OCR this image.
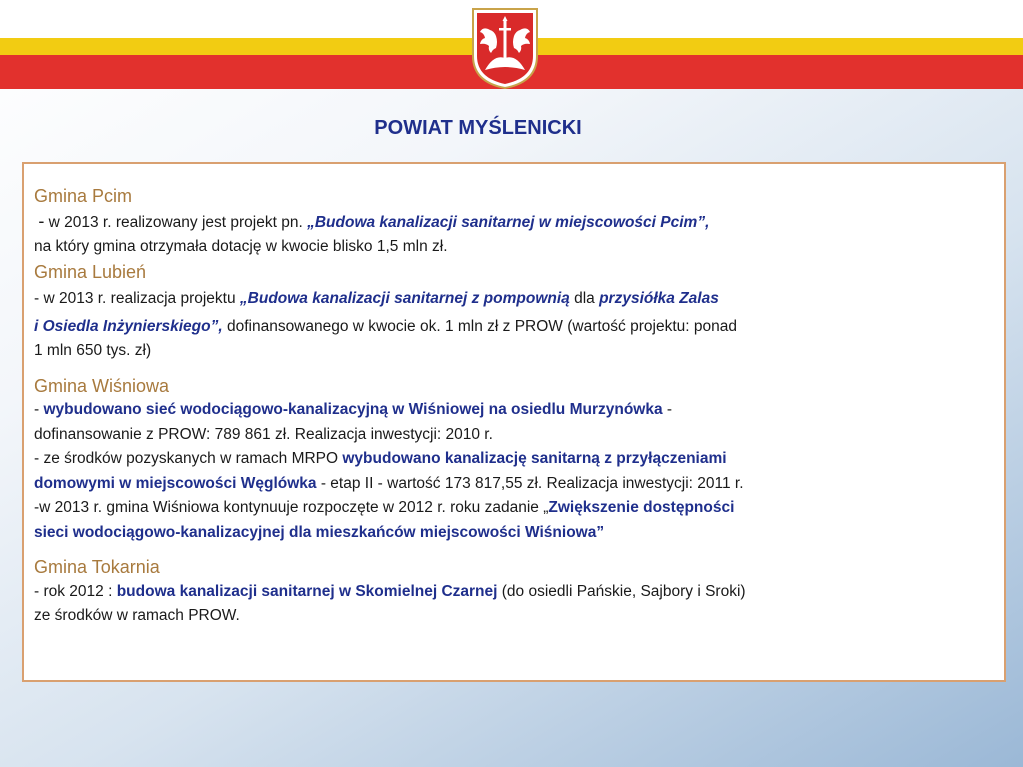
POWIAT MYŚLENICKI

Gmina Pcim

- w 2013 r. realizowany jest projekt pn. „Budowa kanalizacji sanitarnej w miejscowości Pcim”,

na który gmina otrzymała dotację w kwocie blisko 1,5 mln zł.

Gmina Lubień

- w 2013 r. realizacja projektu „Budowa kanalizacji sanitarnej z pompownią dla przysiółka Zalas

i Osiedla Inżynierskiego”, dofinansowanego w kwocie ok. 1 mln zł z PROW (wartość projektu: ponad

1 mln 650 tys. zł)

Gmina Wiśniowa

- wybudowano sieć wodociągowo-kanalizacyjną w Wiśniowej na osiedlu Murzynówka -

dofinansowanie z PROW: 789 861 zł. Realizacja inwestycji: 2010 r.

- ze środków pozyskanych w ramach MRPO wybudowano kanalizację sanitarną z przyłączeniami

domowymi w miejscowości Węglówka - etap II - wartość 173 817,55 zł. Realizacja inwestycji: 2011 r.

-w 2013 r. gmina Wiśniowa kontynuuje rozpoczęte w 2012 r. roku zadanie „Zwiększenie dostępności

sieci wodociągowo-kanalizacyjnej dla mieszkańców miejscowości Wiśniowa”

Gmina Tokarnia

- rok 2012 : budowa kanalizacji sanitarnej w Skomielnej Czarnej (do osiedli Pańskie, Sajbory i Sroki)

ze środków w ramach PROW.
